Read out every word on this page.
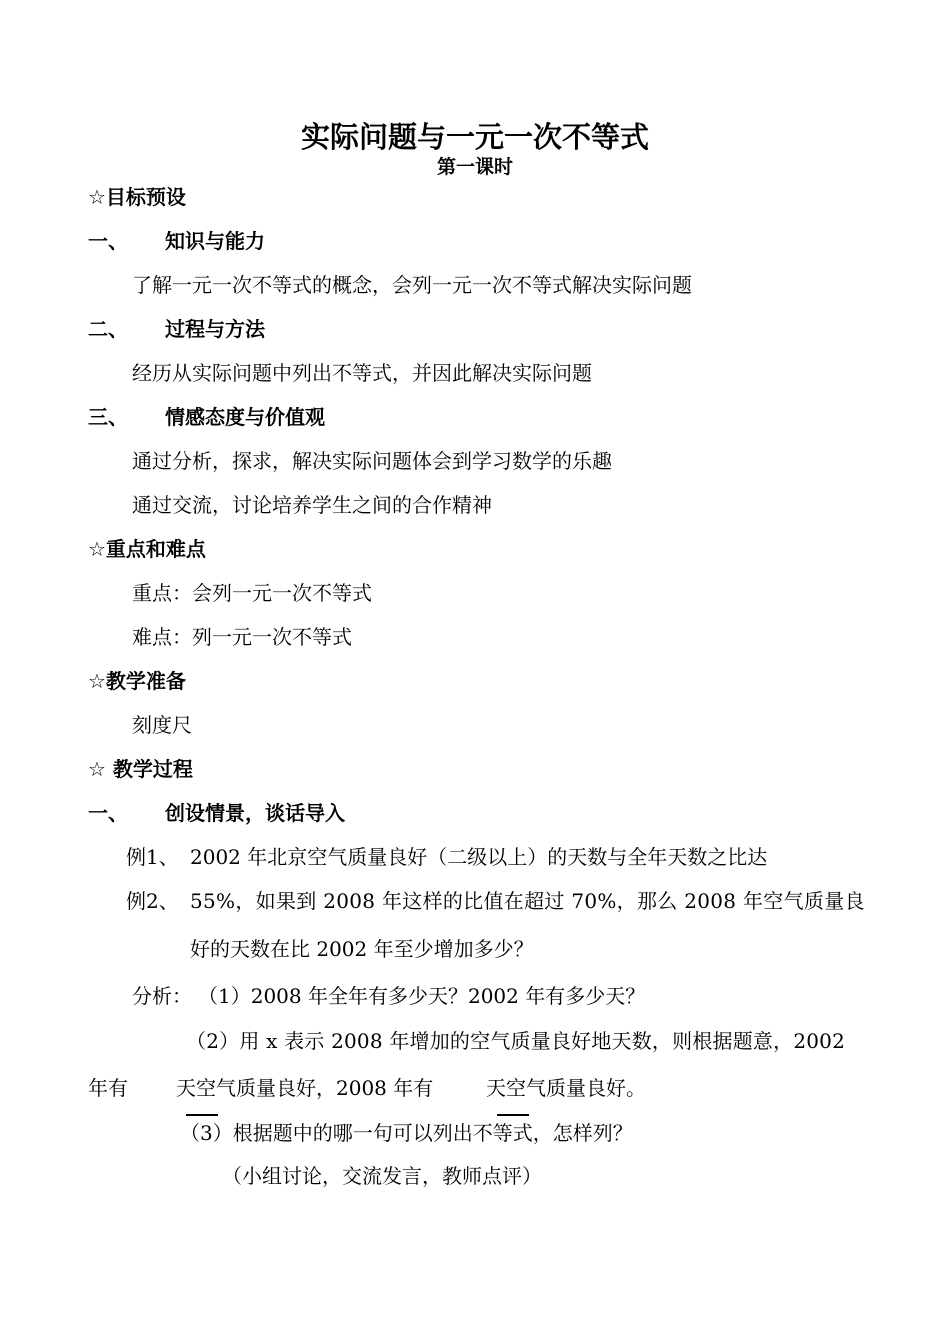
实际问题与一元一次不等式
第一课时
☆目标预设
一、 知识与能力
了解一元一次不等式的概念，会列一元一次不等式解决实际问题
二、 过程与方法
经历从实际问题中列出不等式，并因此解决实际问题
三、 情感态度与价值观
通过分析，探求，解决实际问题体会到学习数学的乐趣
通过交流，讨论培养学生之间的合作精神
☆重点和难点
重点：会列一元一次不等式
难点：列一元一次不等式
☆教学准备
刻度尺
☆ 教学过程
一、 创设情景，谈话导入
例1、 2002 年北京空气质量良好（二级以上）的天数与全年天数之比达
例2、 55%，如果到 2008 年这样的比值在超过 70%，那么 2008 年空气质量良
好的天数在比 2002 年至少增加多少？
分析： （1）2008 年全年有多少天？2002 年有多少天？
（2）用 x 表示 2008 年增加的空气质量良好地天数，则根据题意，2002
年有 天空气质量良好，2008 年有	天空气质量良好。
（3）根据题中的哪一句可以列出不等式，怎样列？
（小组讨论，交流发言，教师点评）
